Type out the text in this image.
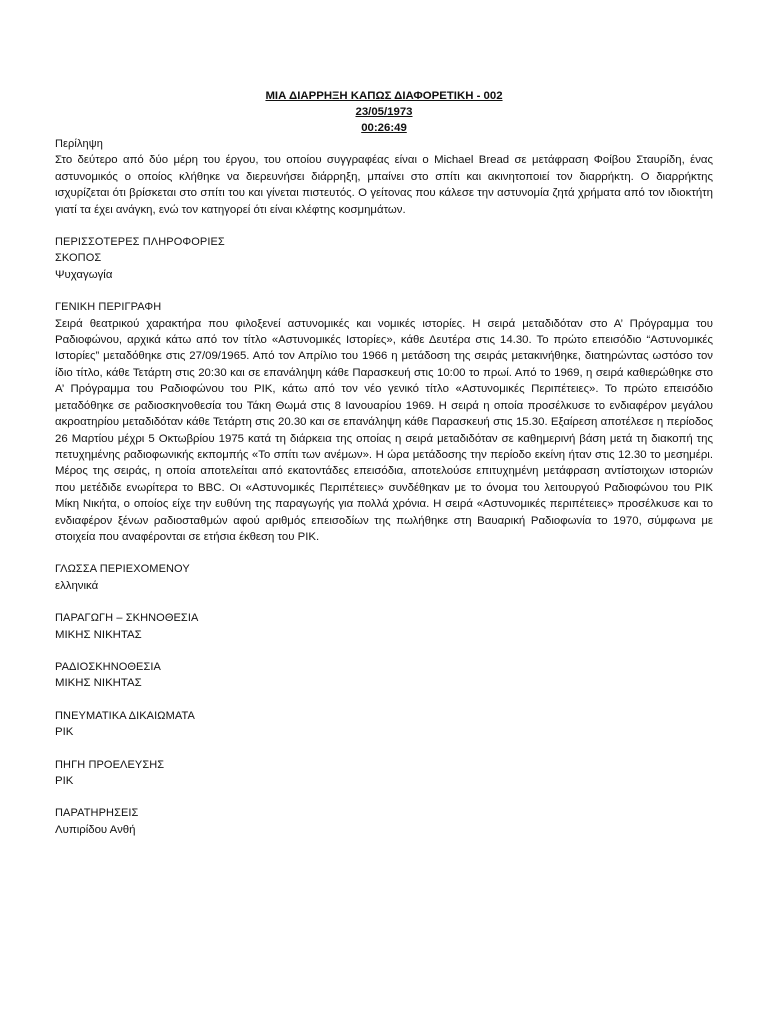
ΜΙΑ ΔΙΑΡΡΗΞΗ ΚΑΠΩΣ ΔΙΑΦΟΡΕΤΙΚΗ - 002
23/05/1973
00:26:49
Περίληψη

Στο δεύτερο από δύο μέρη του έργου, του οποίου συγγραφέας είναι ο Michael Bread σε μετάφραση Φοίβου Σταυρίδη, ένας αστυνομικός ο οποίος κλήθηκε να διερευνήσει διάρρηξη, μπαίνει στο σπίτι και ακινητοποιεί τον διαρρήκτη. Ο διαρρήκτης ισχυρίζεται ότι βρίσκεται στο σπίτι του και γίνεται πιστευτός. Ο γείτονας που κάλεσε την αστυνομία ζητά χρήματα από τον ιδιοκτήτη γιατί τα έχει ανάγκη, ενώ τον κατηγορεί ότι είναι κλέφτης κοσμημάτων.

ΠΕΡΙΣΣΟΤΕΡΕΣ ΠΛΗΡΟΦΟΡΙΕΣ
ΣΚΟΠΟΣ
Ψυχαγωγία
ΓΕΝΙΚΗ ΠΕΡΙΓΡΑΦΗ

Σειρά θεατρικού χαρακτήρα που φιλοξενεί αστυνομικές και νομικές ιστορίες. Η σειρά μεταδιδόταν στο Α’ Πρόγραμμα του Ραδιοφώνου, αρχικά κάτω από τον τίτλο «Αστυνομικές Ιστορίες», κάθε Δευτέρα στις 14.30. Το πρώτο επεισόδιο “Αστυνομικές Ιστορίες” μεταδόθηκε στις 27/09/1965. Από τον Απρίλιο του 1966 η μετάδοση της σειράς μετακινήθηκε, διατηρώντας ωστόσο τον ίδιο τίτλο, κάθε Τετάρτη στις 20:30 και σε επανάληψη κάθε Παρασκευή στις 10:00 το πρωί. Από το 1969, η σειρά καθιερώθηκε στο Α’ Πρόγραμμα του Ραδιοφώνου του ΡΙΚ, κάτω από τον νέο γενικό τίτλο «Αστυνομικές Περιπέτειες». Το πρώτο επεισόδιο μεταδόθηκε σε ραδιοσκηνοθεσία του Τάκη Θωμά στις 8 Ιανουαρίου 1969. Η σειρά η οποία προσέλκυσε το ενδιαφέρον μεγάλου ακροατηρίου μεταδιδόταν κάθε Τετάρτη στις 20.30 και σε επανάληψη κάθε Παρασκευή στις 15.30. Εξαίρεση αποτέλεσε η περίοδος 26 Μαρτίου μέχρι 5 Οκτωβρίου 1975 κατά τη διάρκεια της οποίας η σειρά μεταδιδόταν σε καθημερινή βάση μετά τη διακοπή της πετυχημένης ραδιοφωνικής εκπομπής «Το σπίτι των ανέμων». Η ώρα μετάδοσης την περίοδο εκείνη ήταν στις 12.30 το μεσημέρι. Μέρος της σειράς, η οποία αποτελείται από εκατοντάδες επεισόδια, αποτελούσε επιτυχημένη μετάφραση αντίστοιχων ιστοριών που μετέδιδε ενωρίτερα το BBC. Οι «Αστυνομικές Περιπέτειες» συνδέθηκαν με το όνομα του λειτουργού Ραδιοφώνου του ΡΙΚ Μίκη Νικήτα, ο οποίος είχε την ευθύνη της παραγωγής για πολλά χρόνια. Η σειρά «Αστυνομικές περιπέτειες» προσέλκυσε και το ενδιαφέρον ξένων ραδιοσταθμών αφού αριθμός επεισοδίων της πωλήθηκε στη Βαυαρική Ραδιοφωνία το 1970, σύμφωνα με στοιχεία που αναφέρονται σε ετήσια έκθεση του ΡΙΚ.

ΓΛΩΣΣΑ ΠΕΡΙΕΧΟΜΕΝΟΥ
ελληνικά
ΠΑΡΑΓΩΓΗ – ΣΚΗΝΟΘΕΣΙΑ
ΜΙΚΗΣ ΝΙΚΗΤΑΣ
ΡΑΔΙΟΣΚΗΝΟΘΕΣΙΑ
ΜΙΚΗΣ ΝΙΚΗΤΑΣ
ΠΝΕΥΜΑΤΙΚΑ ΔΙΚΑΙΩΜΑΤΑ
ΡΙΚ
ΠΗΓΗ ΠΡΟΕΛΕΥΣΗΣ
ΡΙΚ
ΠΑΡΑΤΗΡΗΣΕΙΣ
Λυπιρίδου Ανθή
